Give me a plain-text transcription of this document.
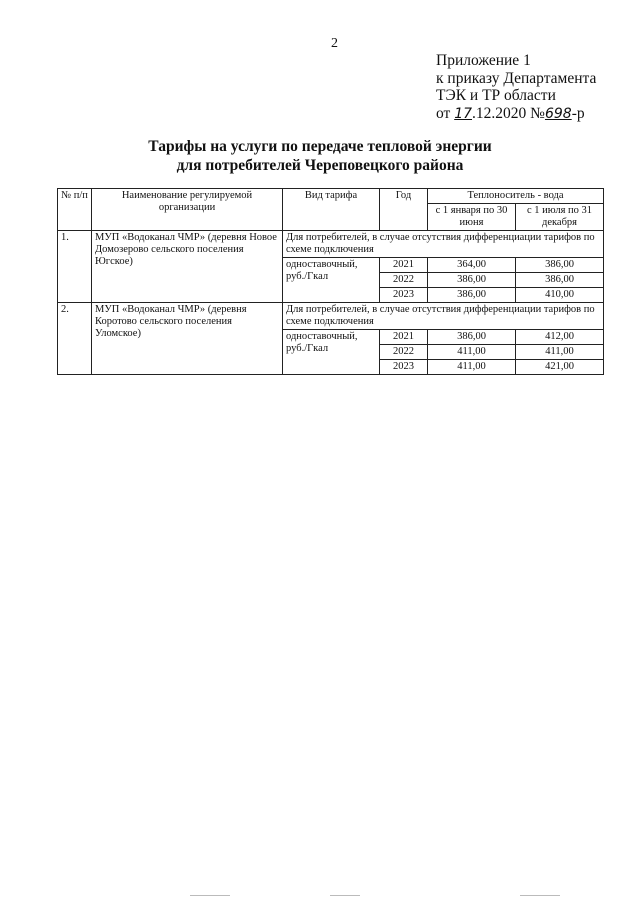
2
Приложение 1
к приказу Департамента
ТЭК и ТР области
от 17.12.2020 №698-р
Тарифы на услуги по передаче тепловой энергии
для потребителей Череповецкого района
№ п/п	Наименование регулируемой организации	Вид тарифа	Год	Теплоноситель - вода	
				с 1 января по 30 июня	с 1 июля по 31 декабря
1.	МУП «Водоканал ЧМР» (деревня Новое Домозерово сельского поселения Югское)	Для потребителей, в случае отсутствия дифференциации тарифов по схеме подключения			
		одноставочный, руб./Гкал	2021	364,00	386,00
			2022	386,00	386,00
			2023	386,00	410,00
2.	МУП «Водоканал ЧМР» (деревня Коротово сельского поселения Уломское)	Для потребителей, в случае отсутствия дифференциации тарифов по схеме подключения			
		одноставочный, руб./Гкал	2021	386,00	412,00
			2022	411,00	411,00
			2023	411,00	421,00
